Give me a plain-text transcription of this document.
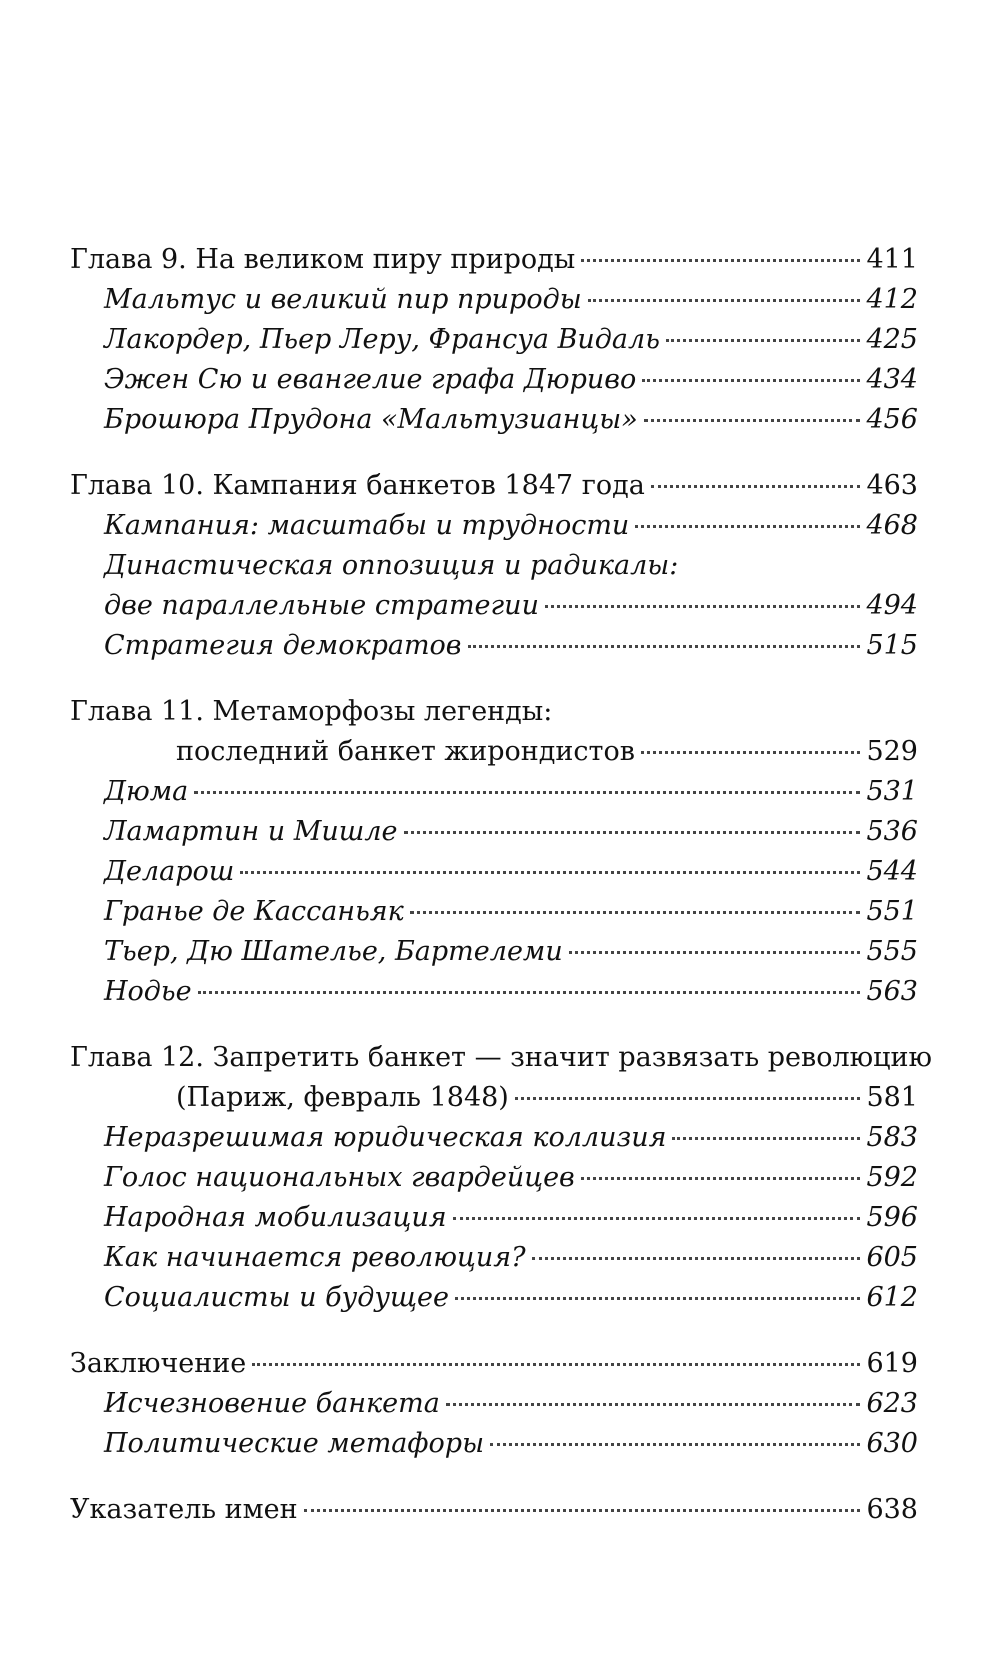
Глава 9. На великом пиру природы	411
Мальтус и великий пир природы	412
Лакордер, Пьер Леру, Франсуа Видаль	425
Эжен Сю и евангелие графа Дюриво	434
Брошюра Прудона «Мальтузианцы»	456
Глава 10. Кампания банкетов 1847 года	463
Кампания: масштабы и трудности	468
Династическая оппозиция и радикалы:
две параллельные стратегии	494
Стратегия демократов	515
Глава 11. Метаморфозы легенды:
последний банкет жирондистов	529
Дюма	531
Ламартин и Мишле	536
Деларош	544
Гранье де Кассаньяк	551
Тьер, Дю Шателье, Бартелеми	555
Нодье	563
Глава 12. Запретить банкет — значит развязать революцию
(Париж, февраль 1848)	581
Неразрешимая юридическая коллизия	583
Голос национальных гвардейцев	592
Народная мобилизация	596
Как начинается революция?	605
Социалисты и будущее	612
Заключение	619
Исчезновение банкета	623
Политические метафоры	630
Указатель имен	638
